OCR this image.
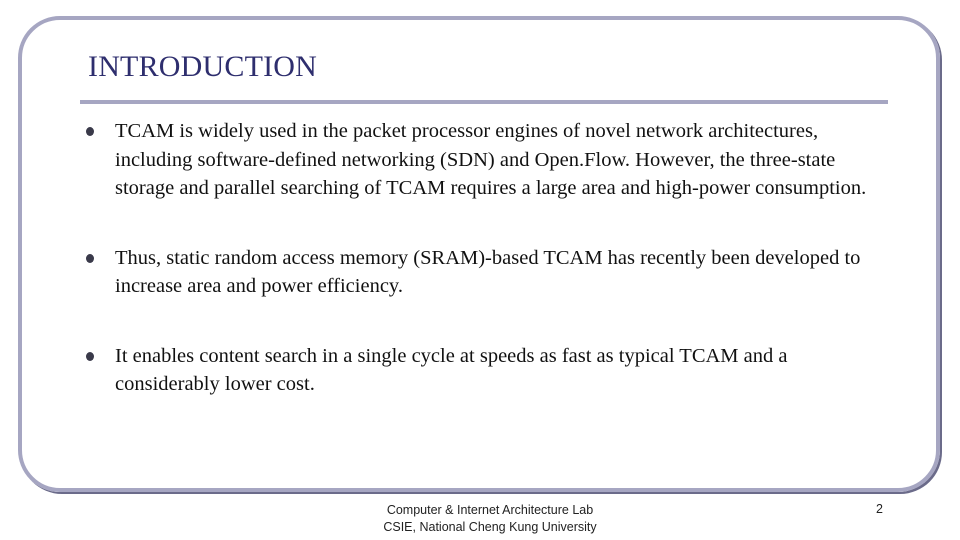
INTRODUCTION
TCAM is widely used in the packet processor engines of novel network architectures, including software-defined networking (SDN) and Open.Flow. However, the three-state storage and parallel searching of TCAM requires a large area and high-power consumption.
Thus, static random access memory (SRAM)-based TCAM has recently been developed to increase area and power efficiency.
It enables content search in a single cycle at speeds as fast as typical TCAM and a considerably lower cost.
Computer & Internet Architecture Lab
CSIE, National Cheng Kung University
2
